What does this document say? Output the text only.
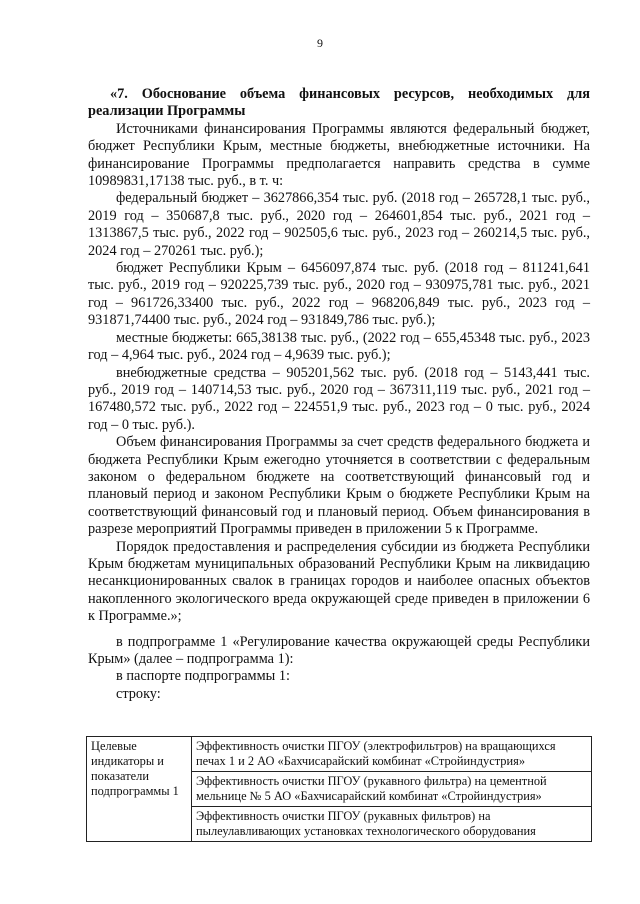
9

«7. Обоснование объема финансовых ресурсов, необходимых для реализации Программы

Источниками финансирования Программы являются федеральный бюджет, бюджет Республики Крым, местные бюджеты, внебюджетные источники. На финансирование Программы предполагается направить средства в сумме 10989831,17138 тыс. руб., в т. ч:

федеральный бюджет – 3627866,354 тыс. руб. (2018 год – 265728,1 тыс. руб., 2019 год – 350687,8 тыс. руб., 2020 год – 264601,854 тыс. руб., 2021 год – 1313867,5 тыс. руб., 2022 год – 902505,6 тыс. руб., 2023 год – 260214,5 тыс. руб., 2024 год – 270261 тыс. руб.);

бюджет Республики Крым – 6456097,874 тыс. руб. (2018 год – 811241,641 тыс. руб., 2019 год – 920225,739 тыс. руб., 2020 год – 930975,781 тыс. руб., 2021 год – 961726,33400 тыс. руб., 2022 год – 968206,849 тыс. руб., 2023 год – 931871,74400 тыс. руб., 2024 год – 931849,786 тыс. руб.);

местные бюджеты: 665,38138 тыс. руб., (2022 год – 655,45348 тыс. руб., 2023 год – 4,964 тыс. руб., 2024 год – 4,9639 тыс. руб.);

внебюджетные средства – 905201,562 тыс. руб. (2018 год – 5143,441 тыс. руб., 2019 год – 140714,53 тыс. руб., 2020 год – 367311,119 тыс. руб., 2021 год – 167480,572 тыс. руб., 2022 год – 224551,9 тыс. руб., 2023 год – 0 тыс. руб., 2024 год – 0 тыс. руб.).

Объем финансирования Программы за счет средств федерального бюджета и бюджета Республики Крым ежегодно уточняется в соответствии с федеральным законом о федеральном бюджете на соответствующий финансовый год и плановый период и законом Республики Крым о бюджете Республики Крым на соответствующий финансовый год и плановый период. Объем финансирования в разрезе мероприятий Программы приведен в приложении 5 к Программе.

Порядок предоставления и распределения субсидии из бюджета Республики Крым бюджетам муниципальных образований Республики Крым на ликвидацию несанкционированных свалок в границах городов и наиболее опасных объектов накопленного экологического вреда окружающей среде приведен в приложении 6 к Программе.»;

в подпрограмме 1 «Регулирование качества окружающей среды Республики Крым» (далее – подпрограмма 1):

в паспорте подпрограммы 1:

строку:

Целевые индикаторы и показатели подпрограммы 1	Эффективность очистки ПГОУ (электрофильтров) на вращающихся печах 1 и 2 АО «Бахчисарайский комбинат «Стройиндустрия»
Эффективность очистки ПГОУ (рукавного фильтра) на цементной мельнице № 5 АО «Бахчисарайский комбинат «Стройиндустрия»
Эффективность очистки ПГОУ (рукавных фильтров) на пылеулавливающих установках технологического оборудования
